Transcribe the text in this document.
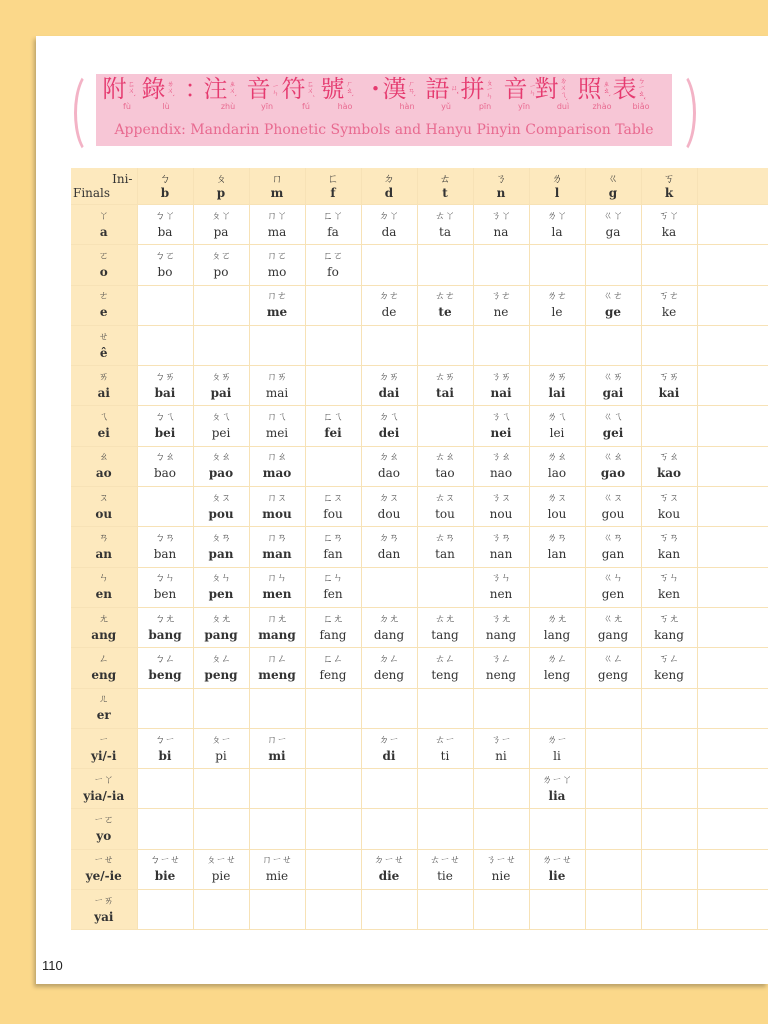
附 ㄈㄨˋ
fù
錄 ㄌㄨˋ
lù
：
注 ㄓㄨˋ
zhù
音 ㄧㄣ
yīn
符 ㄈㄨˊ
fú
號 ㄏㄠˋ
hào
・
漢 ㄏㄢˋ
hàn
語 ㄩˇ
yǔ
拼 ㄆㄧㄣ
pīn
音 ㄧㄣ
yīn
對 ㄉㄨㄟˋ
duì
照 ㄓㄠˋ
zhào
表 ㄅㄧㄠˇ
biǎo
Appendix: Mandarin Phonetic Symbols and Hanyu Pinyin Comparison Table
Ini-
Finals	ㄅ
b	ㄆ
p	ㄇ
m	ㄈ
f	ㄉ
d	ㄊ
t	ㄋ
n	ㄌ
l	ㄍ
g	ㄎ
k	

ㄚ
a	ㄅㄚ
ba	ㄆㄚ
pa	ㄇㄚ
ma	ㄈㄚ
fa	ㄉㄚ
da	ㄊㄚ
ta	ㄋㄚ
na	ㄌㄚ
la	ㄍㄚ
ga	ㄎㄚ
ka	

ㄛ
o	ㄅㄛ
bo	ㄆㄛ
po	ㄇㄛ
mo	ㄈㄛ
fo							

ㄜ
e			ㄇㄜ
me		ㄉㄜ
de	ㄊㄜ
te	ㄋㄜ
ne	ㄌㄜ
le	ㄍㄜ
ge	ㄎㄜ
ke	

ㄝ
ê											

ㄞ
ai	ㄅㄞ
bai	ㄆㄞ
pai	ㄇㄞ
mai		ㄉㄞ
dai	ㄊㄞ
tai	ㄋㄞ
nai	ㄌㄞ
lai	ㄍㄞ
gai	ㄎㄞ
kai	

ㄟ
ei	ㄅㄟ
bei	ㄆㄟ
pei	ㄇㄟ
mei	ㄈㄟ
fei	ㄉㄟ
dei		ㄋㄟ
nei	ㄌㄟ
lei	ㄍㄟ
gei		

ㄠ
ao	ㄅㄠ
bao	ㄆㄠ
pao	ㄇㄠ
mao		ㄉㄠ
dao	ㄊㄠ
tao	ㄋㄠ
nao	ㄌㄠ
lao	ㄍㄠ
gao	ㄎㄠ
kao	

ㄡ
ou		ㄆㄡ
pou	ㄇㄡ
mou	ㄈㄡ
fou	ㄉㄡ
dou	ㄊㄡ
tou	ㄋㄡ
nou	ㄌㄡ
lou	ㄍㄡ
gou	ㄎㄡ
kou	

ㄢ
an	ㄅㄢ
ban	ㄆㄢ
pan	ㄇㄢ
man	ㄈㄢ
fan	ㄉㄢ
dan	ㄊㄢ
tan	ㄋㄢ
nan	ㄌㄢ
lan	ㄍㄢ
gan	ㄎㄢ
kan	

ㄣ
en	ㄅㄣ
ben	ㄆㄣ
pen	ㄇㄣ
men	ㄈㄣ
fen			ㄋㄣ
nen		ㄍㄣ
gen	ㄎㄣ
ken	

ㄤ
ang	ㄅㄤ
bang	ㄆㄤ
pang	ㄇㄤ
mang	ㄈㄤ
fang	ㄉㄤ
dang	ㄊㄤ
tang	ㄋㄤ
nang	ㄌㄤ
lang	ㄍㄤ
gang	ㄎㄤ
kang	

ㄥ
eng	ㄅㄥ
beng	ㄆㄥ
peng	ㄇㄥ
meng	ㄈㄥ
feng	ㄉㄥ
deng	ㄊㄥ
teng	ㄋㄥ
neng	ㄌㄥ
leng	ㄍㄥ
geng	ㄎㄥ
keng	

ㄦ
er											

ㄧ
yi/-i	ㄅㄧ
bi	ㄆㄧ
pi	ㄇㄧ
mi		ㄉㄧ
di	ㄊㄧ
ti	ㄋㄧ
ni	ㄌㄧ
li			

ㄧㄚ
yia/-ia								ㄌㄧㄚ
lia			

ㄧㄛ
yo											

ㄧㄝ
ye/-ie	ㄅㄧㄝ
bie	ㄆㄧㄝ
pie	ㄇㄧㄝ
mie		ㄉㄧㄝ
die	ㄊㄧㄝ
tie	ㄋㄧㄝ
nie	ㄌㄧㄝ
lie			

ㄧㄞ
yai											

110
